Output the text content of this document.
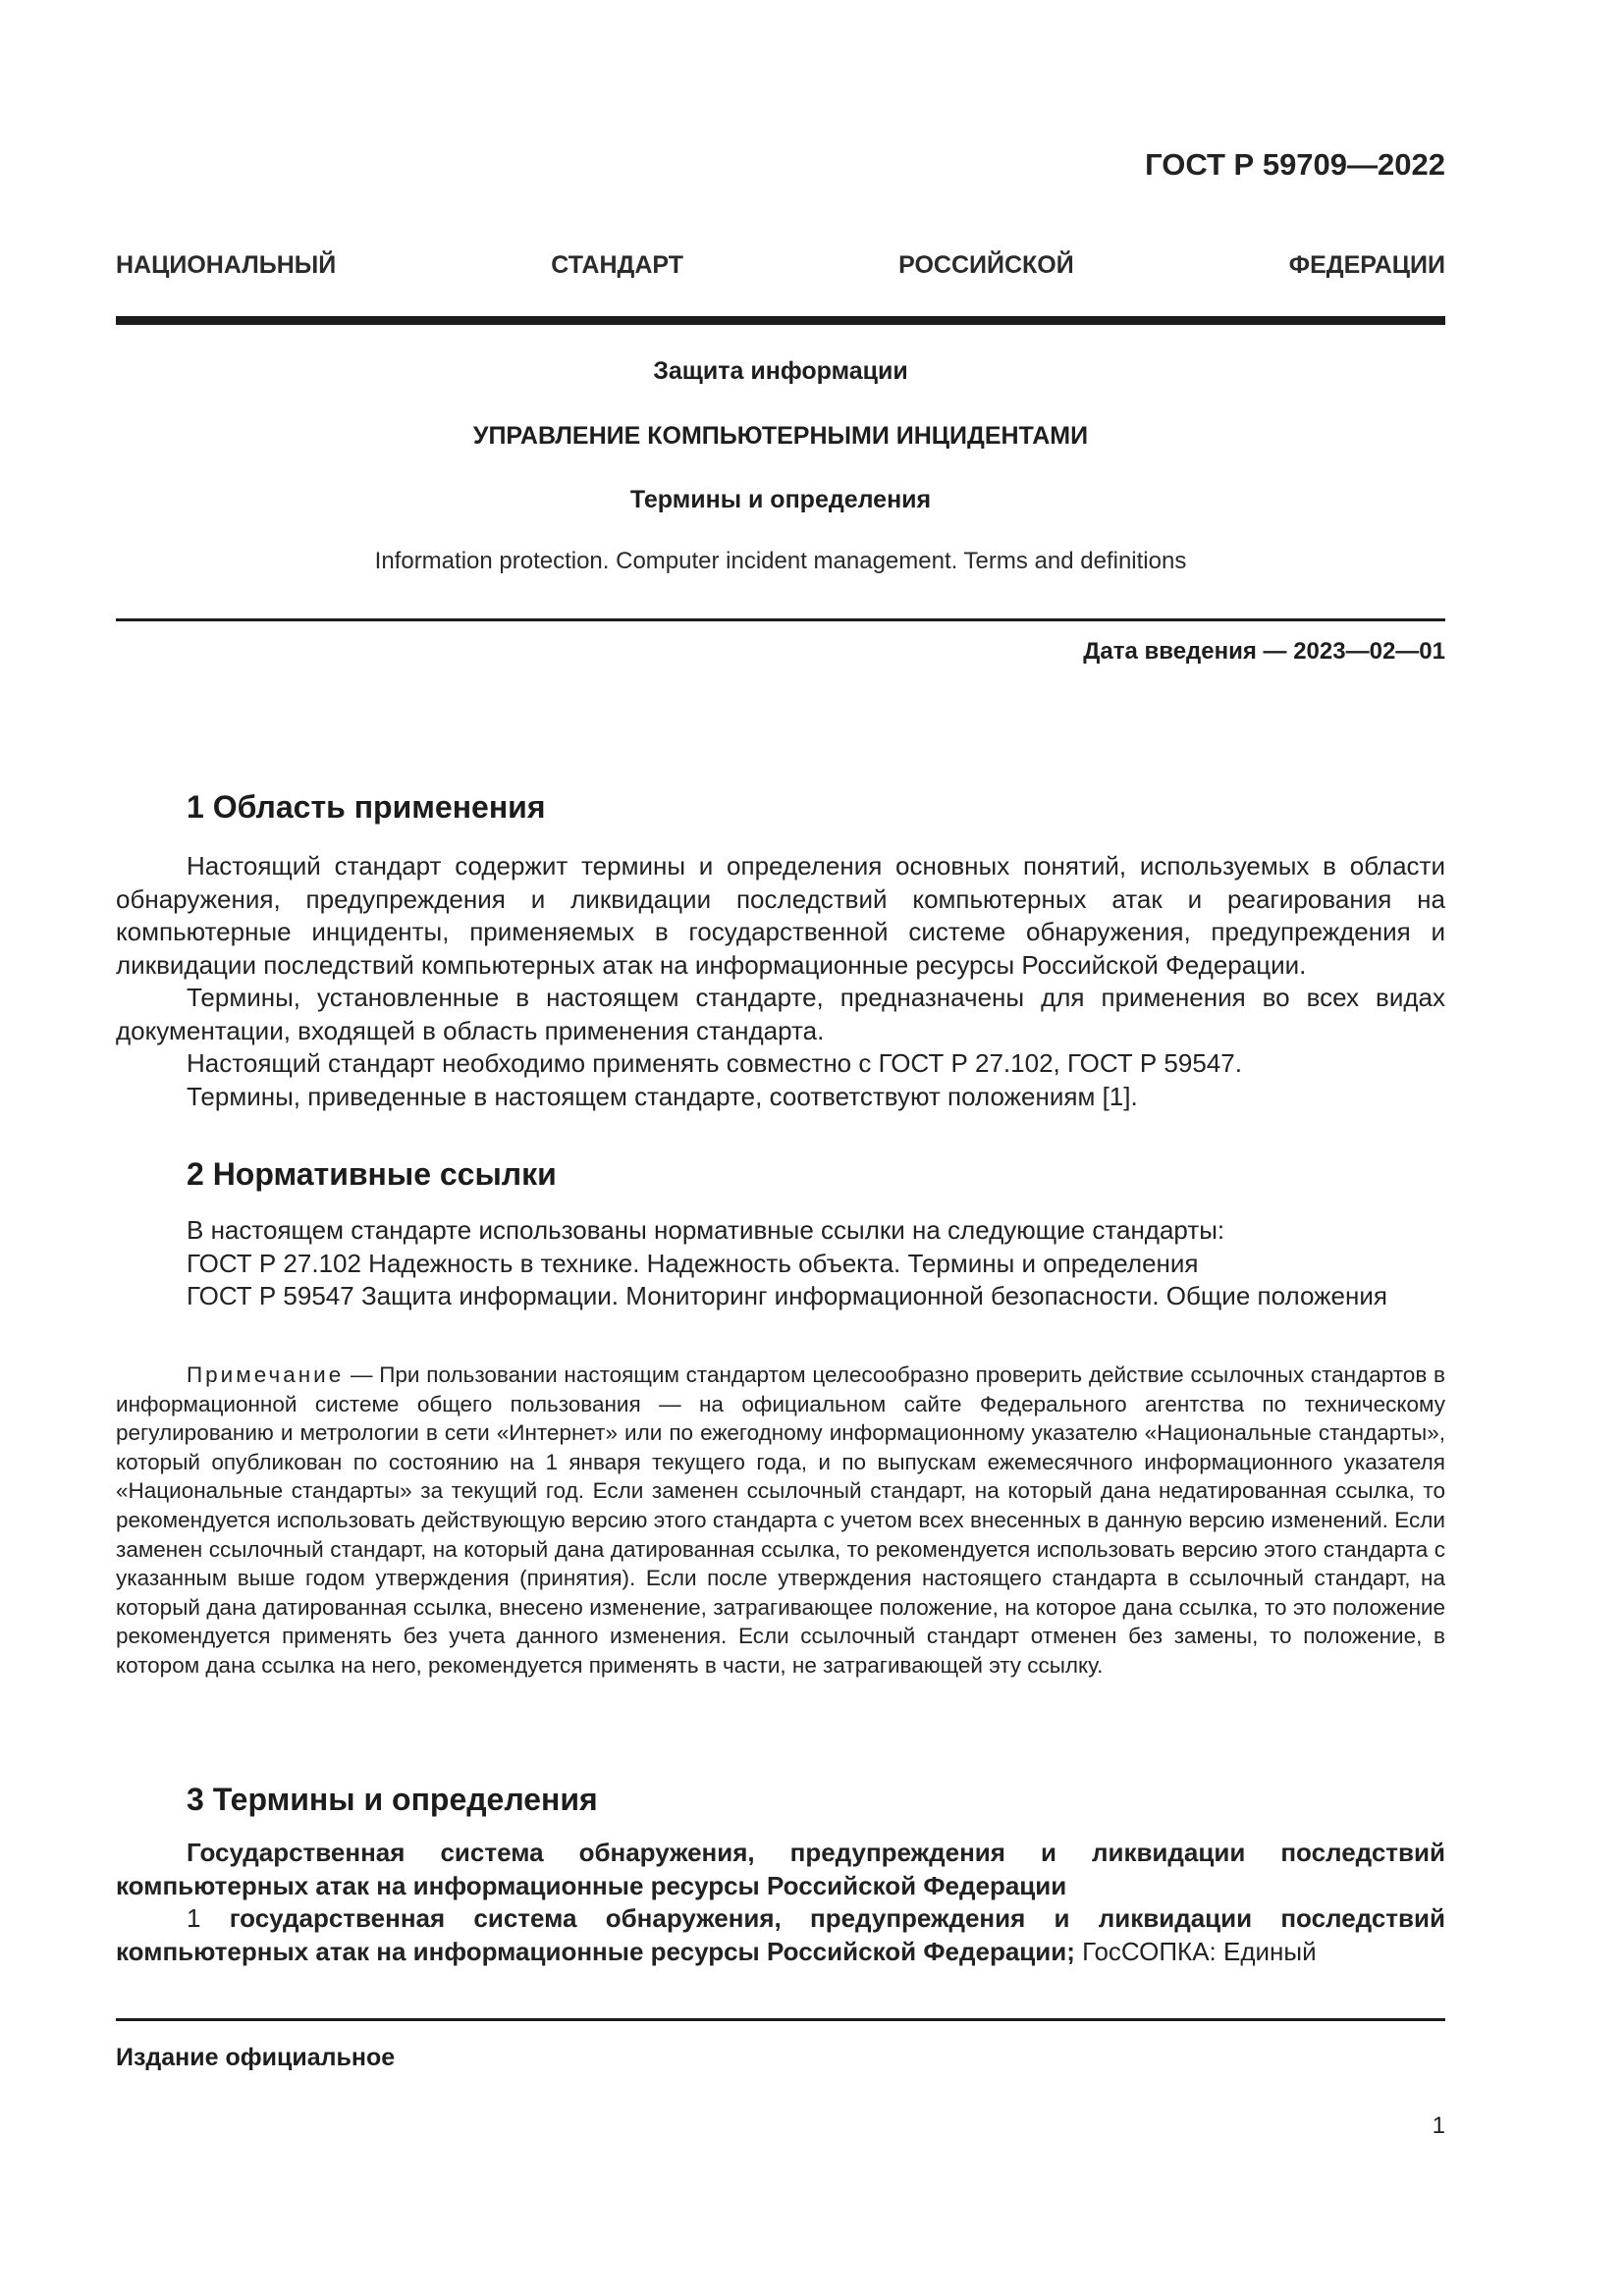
ГОСТ Р 59709—2022
НАЦИОНАЛЬНЫЙ СТАНДАРТ РОССИЙСКОЙ ФЕДЕРАЦИИ
Защита информации
УПРАВЛЕНИЕ КОМПЬЮТЕРНЫМИ ИНЦИДЕНТАМИ
Термины и определения
Information protection. Computer incident management. Terms and definitions
Дата введения — 2023—02—01
1 Область применения

Настоящий стандарт содержит термины и определения основных понятий, используемых в области обнаружения, предупреждения и ликвидации последствий компьютерных атак и реагирования на компьютерные инциденты, применяемых в государственной системе обнаружения, предупреждения и ликвидации последствий компьютерных атак на информационные ресурсы Российской Федерации.

Термины, установленные в настоящем стандарте, предназначены для применения во всех видах документации, входящей в область применения стандарта.

Настоящий стандарт необходимо применять совместно с ГОСТ Р 27.102, ГОСТ Р 59547.

Термины, приведенные в настоящем стандарте, соответствуют положениям [1].

2 Нормативные ссылки

В настоящем стандарте использованы нормативные ссылки на следующие стандарты:

ГОСТ Р 27.102 Надежность в технике. Надежность объекта. Термины и определения

ГОСТ Р 59547 Защита информации. Мониторинг информационной безопасности. Общие положения

Примечание — При пользовании настоящим стандартом целесообразно проверить действие ссылочных стандартов в информационной системе общего пользования — на официальном сайте Федерального агентства по техническому регулированию и метрологии в сети «Интернет» или по ежегодному информационному указателю «Национальные стандарты», который опубликован по состоянию на 1 января текущего года, и по выпускам ежемесячного информационного указателя «Национальные стандарты» за текущий год. Если заменен ссылочный стандарт, на который дана недатированная ссылка, то рекомендуется использовать действующую версию этого стандарта с учетом всех внесенных в данную версию изменений. Если заменен ссылочный стандарт, на который дана датированная ссылка, то рекомендуется использовать версию этого стандарта с указанным выше годом утверждения (принятия). Если после утверждения настоящего стандарта в ссылочный стандарт, на который дана датированная ссылка, внесено изменение, затрагивающее положение, на которое дана ссылка, то это положение рекомендуется применять без учета данного изменения. Если ссылочный стандарт отменен без замены, то положение, в котором дана ссылка на него, рекомендуется применять в части, не затрагивающей эту ссылку.

3 Термины и определения

Государственная система обнаружения, предупреждения и ликвидации последствий компьютерных атак на информационные ресурсы Российской Федерации

1 государственная система обнаружения, предупреждения и ликвидации последствий компьютерных атак на информационные ресурсы Российской Федерации; ГосСОПКА: Единый

Издание официальное
1
